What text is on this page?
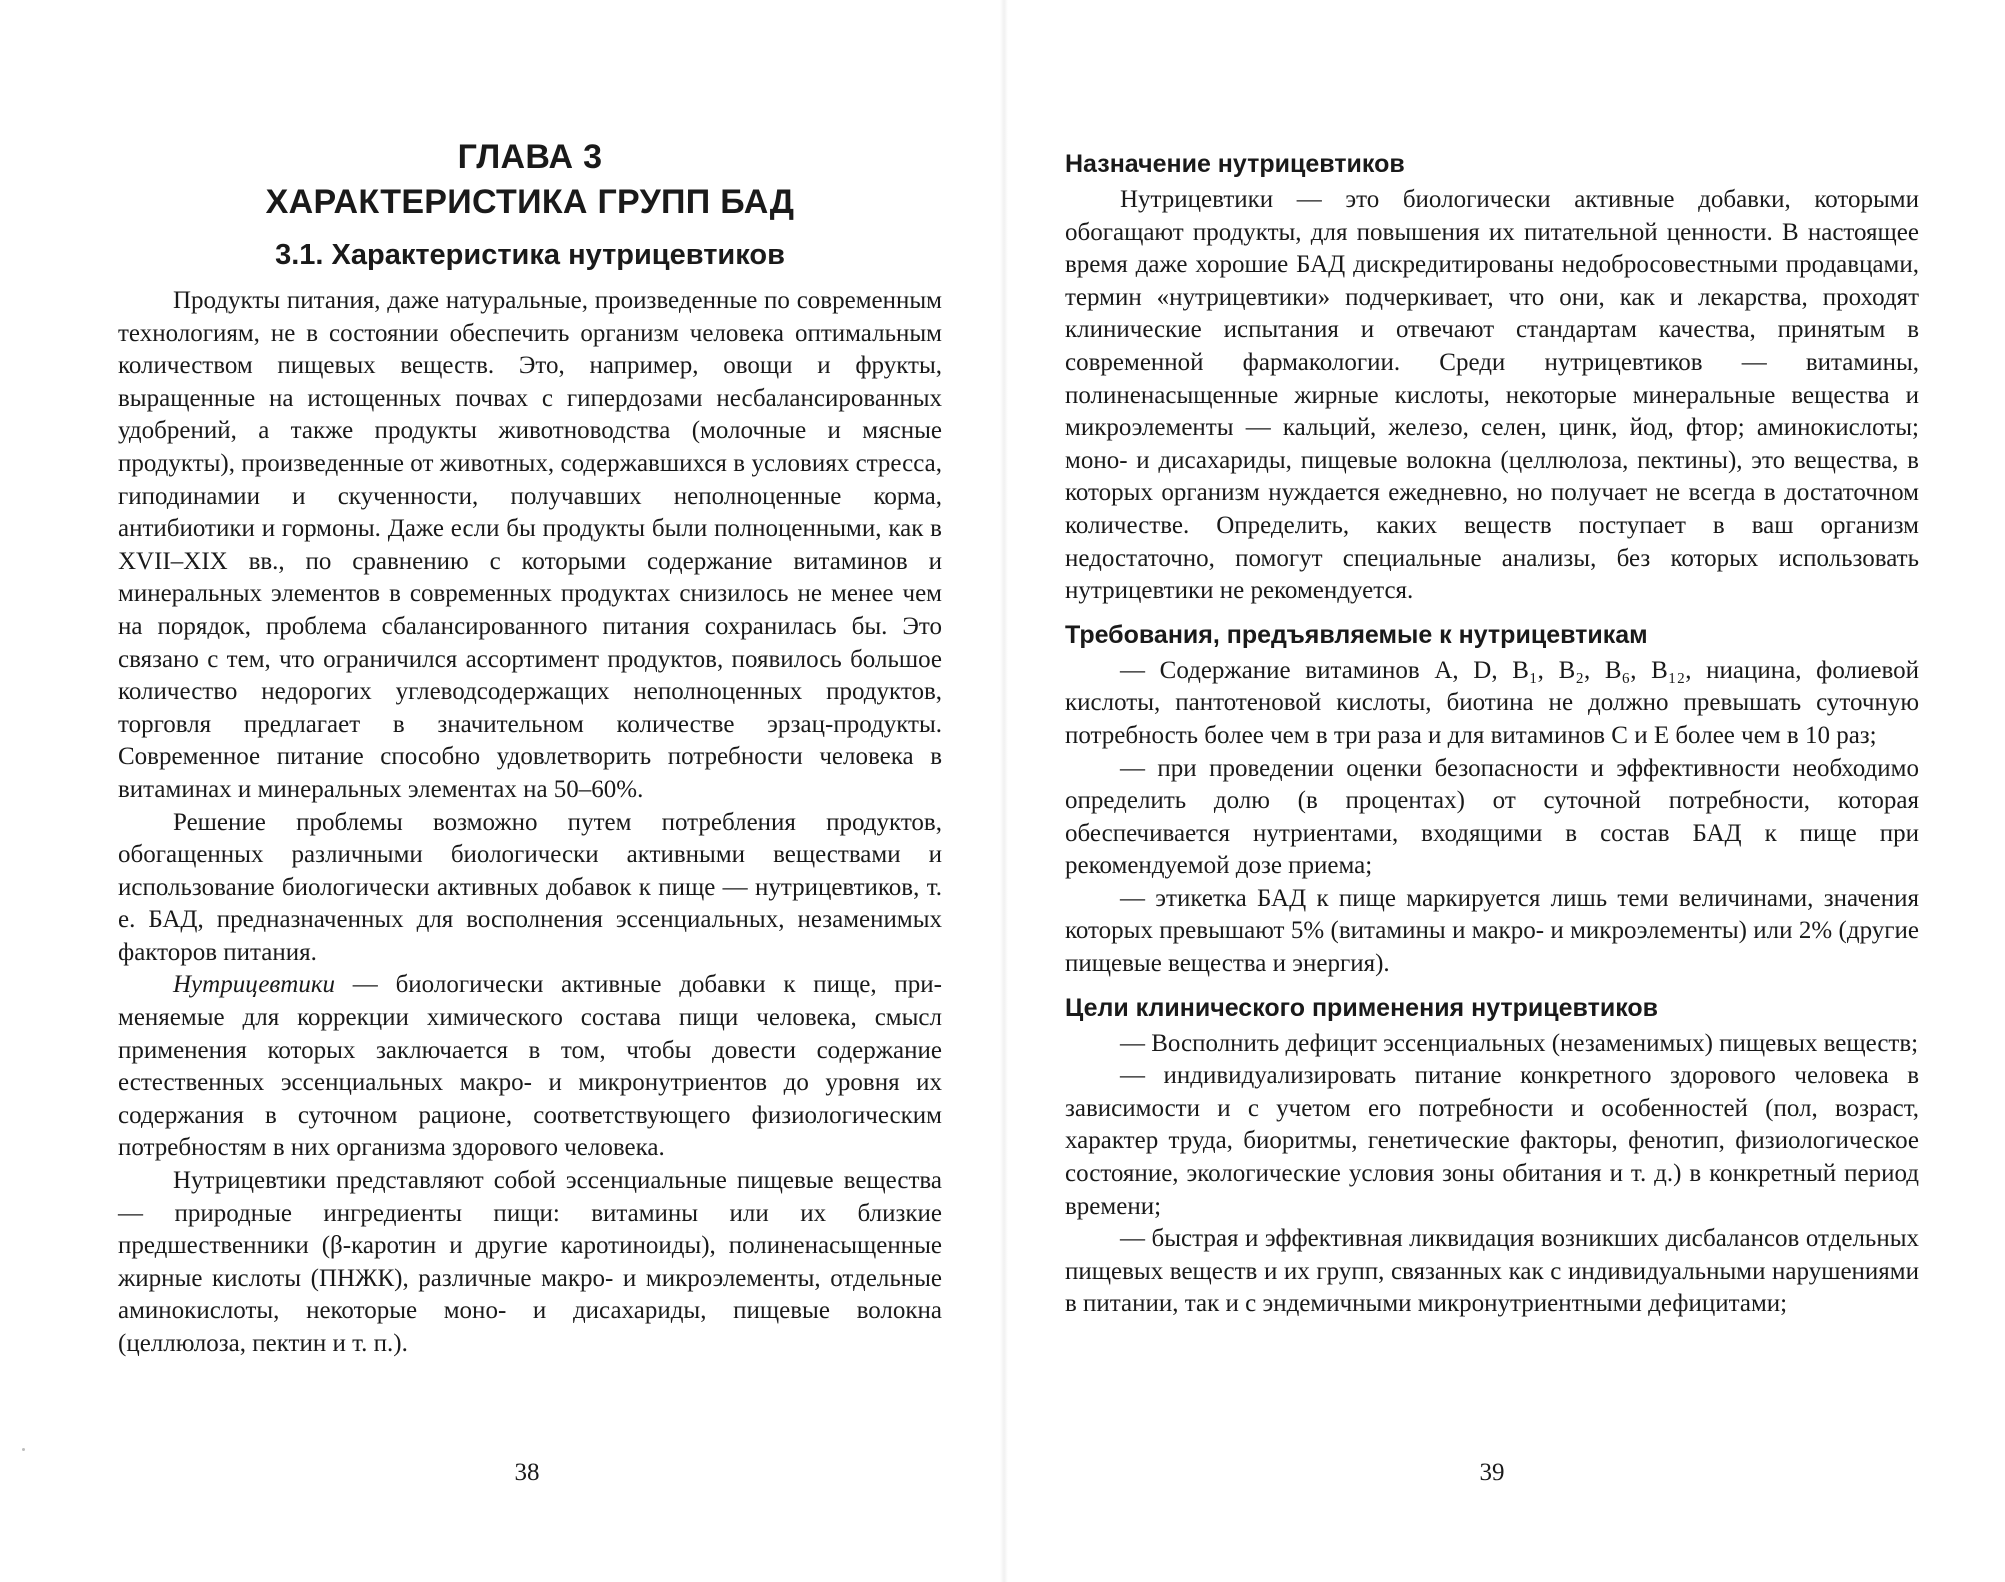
ГЛАВА 3
ХАРАКТЕРИСТИКА ГРУПП БАД
3.1. Характеристика нутрицевтиков

Продукты питания, даже натуральные, произведенные по современным технологиям, не в состоянии обеспечить организм человека оптимальным количеством пищевых веществ. Это, например, овощи и фрукты, выращенные на истощенных почвах с гипердозами несбалансированных удобрений, а также продукты животноводства (молочные и мясные продукты), произведенные от животных, содержавшихся в условиях стресса, гиподинамии и скученности, получавших неполноценные корма, антибиотики и гормоны. Даже если бы продукты были полноценными, как в XVII–XIX вв., по сравнению с которыми содержание витаминов и минеральных элементов в современных продуктах снизилось не менее чем на порядок, проблема сбалансированного питания сохранилась бы. Это связано с тем, что ограничился ассортимент продуктов, появилось большое количество недорогих углеводсодержащих неполноценных продуктов, торговля предлагает в значительном количестве эрзац-продукты. Современное питание способно удовлетворить потребности человека в витаминах и минеральных элементах на 50–60%.

Решение проблемы возможно путем потребления продуктов, обогащенных различными биологически активными веществами и использование биологически активных добавок к пище — нутрицевтиков, т. е. БАД, предназначенных для восполнения эссенциальных, незаменимых факторов питания.

Нутрицевтики — биологически активные добавки к пище, применяемые для коррекции химического состава пищи человека, смысл применения которых заключается в том, чтобы довести содержание естественных эссенциальных макро- и микронутриентов до уровня их содержания в суточном рационе, соответствующего физиологическим потребностям в них организма здорового человека.

Нутрицевтики представляют собой эссенциальные пищевые вещества — природные ингредиенты пищи: витамины или их близкие предшественники (β-каротин и другие каротиноиды), полиненасыщенные жирные кислоты (ПНЖК), различные макро- и микроэлементы, отдельные аминокислоты, некоторые моно- и дисахариды, пищевые волокна (целлюлоза, пектин и т. п.).

38
Назначение нутрицевтиков

Нутрицевтики — это биологически активные добавки, которыми обогащают продукты, для повышения их питательной ценности. В настоящее время даже хорошие БАД дискредитированы недобросовестными продавцами, термин «нутрицевтики» подчеркивает, что они, как и лекарства, проходят клинические испытания и отвечают стандартам качества, принятым в современной фармакологии. Среди нутрицевтиков — витамины, полиненасыщенные жирные кислоты, некоторые минеральные вещества и микроэлементы — кальций, железо, селен, цинк, йод, фтор; аминокислоты; моно- и дисахариды, пищевые волокна (целлюлоза, пектины), это вещества, в которых организм нуждается ежедневно, но получает не всегда в достаточном количестве. Определить, каких веществ поступает в ваш организм недостаточно, помогут специальные анализы, без которых использовать нутрицевтики не рекомендуется.

Требования, предъявляемые к нутрицевтикам

— Содержание витаминов A, D, B₁, B₂, B₆, B₁₂, ниацина, фолиевой кислоты, пантотеновой кислоты, биотина не должно превышать суточную потребность более чем в три раза и для витаминов C и E более чем в 10 раз;

— при проведении оценки безопасности и эффективности необходимо определить долю (в процентах) от суточной потребности, которая обеспечивается нутриентами, входящими в состав БАД к пище при рекомендуемой дозе приема;

— этикетка БАД к пище маркируется лишь теми величинами, значения которых превышают 5% (витамины и макро- и микроэлементы) или 2% (другие пищевые вещества и энергия).

Цели клинического применения нутрицевтиков

— Восполнить дефицит эссенциальных (незаменимых) пищевых веществ;

— индивидуализировать питание конкретного здорового человека в зависимости и с учетом его потребности и особенностей (пол, возраст, характер труда, биоритмы, генетические факторы, фенотип, физиологическое состояние, экологические условия зоны обитания и т. д.) в конкретный период времени;

— быстрая и эффективная ликвидация возникших дисбалансов отдельных пищевых веществ и их групп, связанных как с индивидуальными нарушениями в питании, так и с эндемичными микронутриентными дефицитами;

39
